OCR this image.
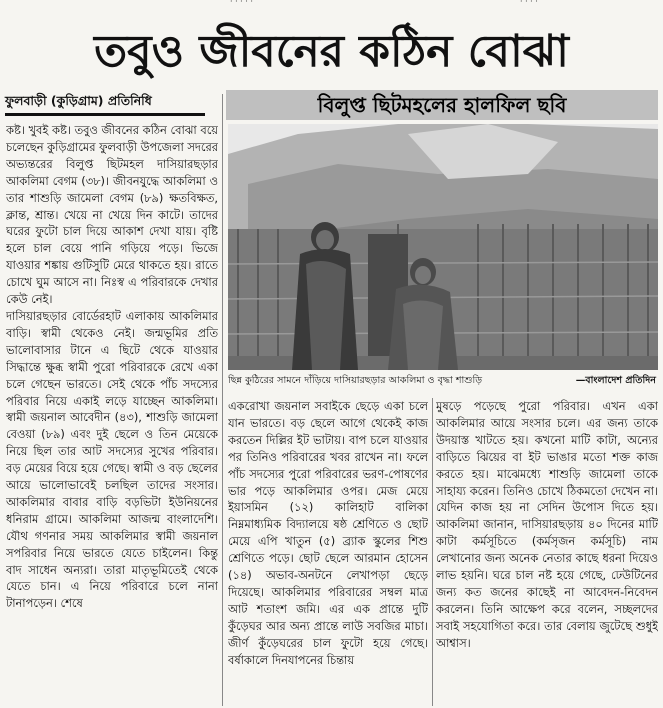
· · · · ·	· · · ·
তবুও জীবনের কঠিন বোঝা
ফুলবাড়ী (কুড়িগ্রাম) প্রতিনিধি	বিলুপ্ত ছিটমহলের হালফিল ছবি
ছিন্ন কুঠিরের সামনে দাঁড়িয়ে দাসিয়ারছড়ার আকলিমা ও বৃদ্ধা শাশুড়ি	—বাংলাদেশ প্রতিদিন

কষ্ট। খুবই কষ্ট। তবুও জীবনের কঠিন বোঝা বয়ে চলেছেন কুড়িগ্রামের ফুলবাড়ী উপজেলা সদরের অভ্যন্তরের বিলুপ্ত ছিটমহল দাসিয়ারছড়ার আকলিমা বেগম (৩৮)। জীবনযুদ্ধে আকলিমা ও তার শাশুড়ি জামেলা বেগম (৮৯) ক্ষতবিক্ষত, ক্লান্ত, শ্রান্ত। খেয়ে না খেয়ে দিন কাটে। তাদের ঘরের ফুটো চাল দিয়ে আকাশ দেখা যায়। বৃষ্টি হলে চাল বেয়ে পানি গড়িয়ে পড়ে। ভিজে যাওয়ার শঙ্কায় গুটিসুটি মেরে থাকতে হয়। রাতে চোখে ঘুম আসে না। নিঃস্ব এ পরিবারকে দেখার কেউ নেই।

দাসিয়ারছড়ার বোর্ডেরহাট এলাকায় আকলিমার বাড়ি। স্বামী থেকেও নেই। জন্মভূমির প্রতি ভালোবাসার টানে এ ছিটে থেকে যাওয়ার সিদ্ধান্তে ক্ষুব্ধ স্বামী পুরো পরিবারকে রেখে একা চলে গেছেন ভারতে। সেই থেকে পাঁচ সদস্যের পরিবার নিয়ে একাই লড়ে যাচ্ছেন আকলিমা। স্বামী জয়নাল আবেদীন (৪৩), শাশুড়ি জামেলা বেওয়া (৮৯) এবং দুই ছেলে ও তিন মেয়েকে নিয়ে ছিল তার আট সদস্যের সুখের পরিবার। বড় মেয়ের বিয়ে হয়ে গেছে। স্বামী ও বড় ছেলের আয়ে ভালোভাবেই চলছিল তাদের সংসার। আকলিমার বাবার বাড়ি বড়ভিটা ইউনিয়নের ধনিরাম গ্রামে। আকলিমা আজন্ম বাংলাদেশি। যৌথ গণনার সময় আকলিমার স্বামী জয়নাল সপরিবার নিয়ে ভারতে যেতে চাইলেন। কিন্তু বাদ সাধেন অন্যরা। তারা মাতৃভূমিতেই থেকে যেতে চান। এ নিয়ে পরিবারে চলে নানা টানাপড়েন। শেষে

একরোখা জয়নাল সবাইকে ছেড়ে একা চলে যান ভারতে। বড় ছেলে আগে থেকেই কাজ করতেন দিল্লির ইট ভাটায়। বাপ চলে যাওয়ার পর তিনিও পরিবারের খবর রাখেন না। ফলে পাঁচ সদস্যের পুরো পরিবারের ভরণ-পোষণের ভার পড়ে আকলিমার ওপর। মেজ মেয়ে ইয়াসমিন (১২) কালিহাট বালিকা নিম্নমাধ্যমিক বিদ্যালয়ে ষষ্ঠ শ্রেণিতে ও ছোট মেয়ে এপি খাতুন (৫) ব্র্যাক স্কুলের শিশু শ্রেণিতে পড়ে। ছোট ছেলে আরমান হোসেন (১৪) অভাব-অনটনে লেখাপড়া ছেড়ে দিয়েছে। আকলিমার পরিবারের সম্বল মাত্র আট শতাংশ জমি। এর এক প্রান্তে দুটি কুঁড়েঘর আর অন্য প্রান্তে লাউ সবজির মাচা। জীর্ণ কুঁড়েঘরের চাল ফুটো হয়ে গেছে। বর্ষাকালে দিনযাপনের চিন্তায়

মুষড়ে পড়েছে পুরো পরিবার। এখন একা আকলিমার আয়ে সংসার চলে। এর জন্য তাকে উদয়াস্ত খাটতে হয়। কখনো মাটি কাটা, অন্যের বাড়িতে ঝিয়ের বা ইট ভাঙার মতো শক্ত কাজ করতে হয়। মাঝেমধ্যে শাশুড়ি জামেলা তাকে সাহায্য করেন। তিনিও চোখে ঠিকমতো দেখেন না। যেদিন কাজ হয় না সেদিন উপোস দিতে হয়। আকলিমা জানান, দাসিয়ারছড়ায় ৪০ দিনের মাটি কাটা কর্মসূচিতে (কর্মসৃজন কর্মসূচি) নাম লেখানোর জন্য অনেক নেতার কাছে ধরনা দিয়েও লাভ হয়নি। ঘরে চাল নষ্ট হয়ে গেছে, ঢেউটিনের জন্য কত জনের কাছেই না আবেদন-নিবেদন করলেন। তিনি আক্ষেপ করে বলেন, সচ্ছলদের সবাই সহযোগিতা করে। তার বেলায় জুটেছে শুধুই আশ্বাস।
